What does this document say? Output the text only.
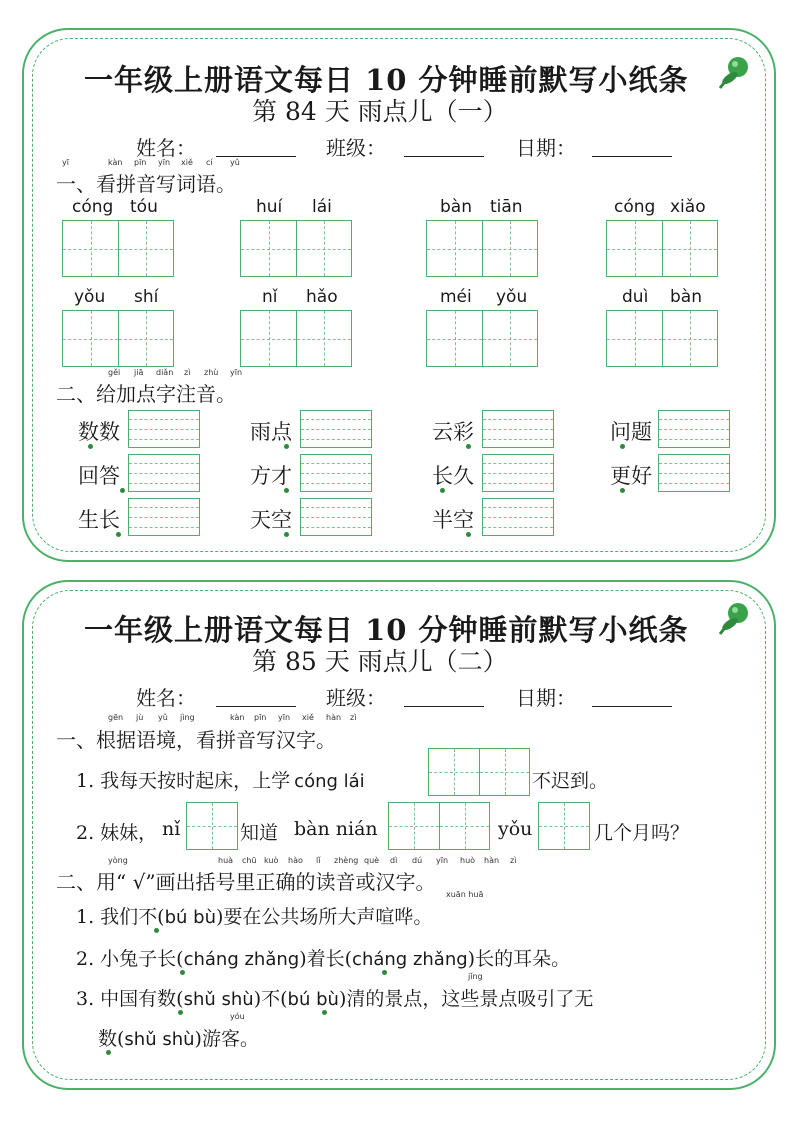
一年级上册语文每日 10 分钟睡前默写小纸条
第 84 天 雨点儿（一）
姓名：	班级：	日期：
yī	kàn pīn yīn xiě cí yǔ
一、看拼音写词语。
cóng tóu	huí lái	bàn tiān	cóng xiǎo
yǒu shí	nǐ hǎo	méi yǒu	duì bàn
gěi jiā diǎn zì zhù yīn
二、给加点字注音。
数数	雨点	云彩	问题
回答	方才	长久	更好
生长	天空	半空
一年级上册语文每日 10 分钟睡前默写小纸条
第 85 天 雨点儿（二）
姓名：	班级：	日期：
gēn jù yǔ jìng	kàn pīn yīn xiě hàn zì
一、根据语境，看拼音写汉字。
1. 我每天按时起床，上学 cóng lái	不迟到。
2. 妹妹， nǐ	知道 bàn nián	yǒu	几个月吗？
yòng	huà chū kuò hào lǐ zhèng què dì dú yīn huò hàn zì
二、用“ √”画出括号里正确的读音或汉字。
xuān huā
1. 我们不(bú bù)要在公共场所大声喧哗。
2. 小兔子长(cháng zhǎng)着长(cháng zhǎng)长的耳朵。
jǐng
3. 中国有数(shǔ shù)不(bú bù)清的景点，这些景点吸引了无
yóu
数(shǔ shù)游客。
